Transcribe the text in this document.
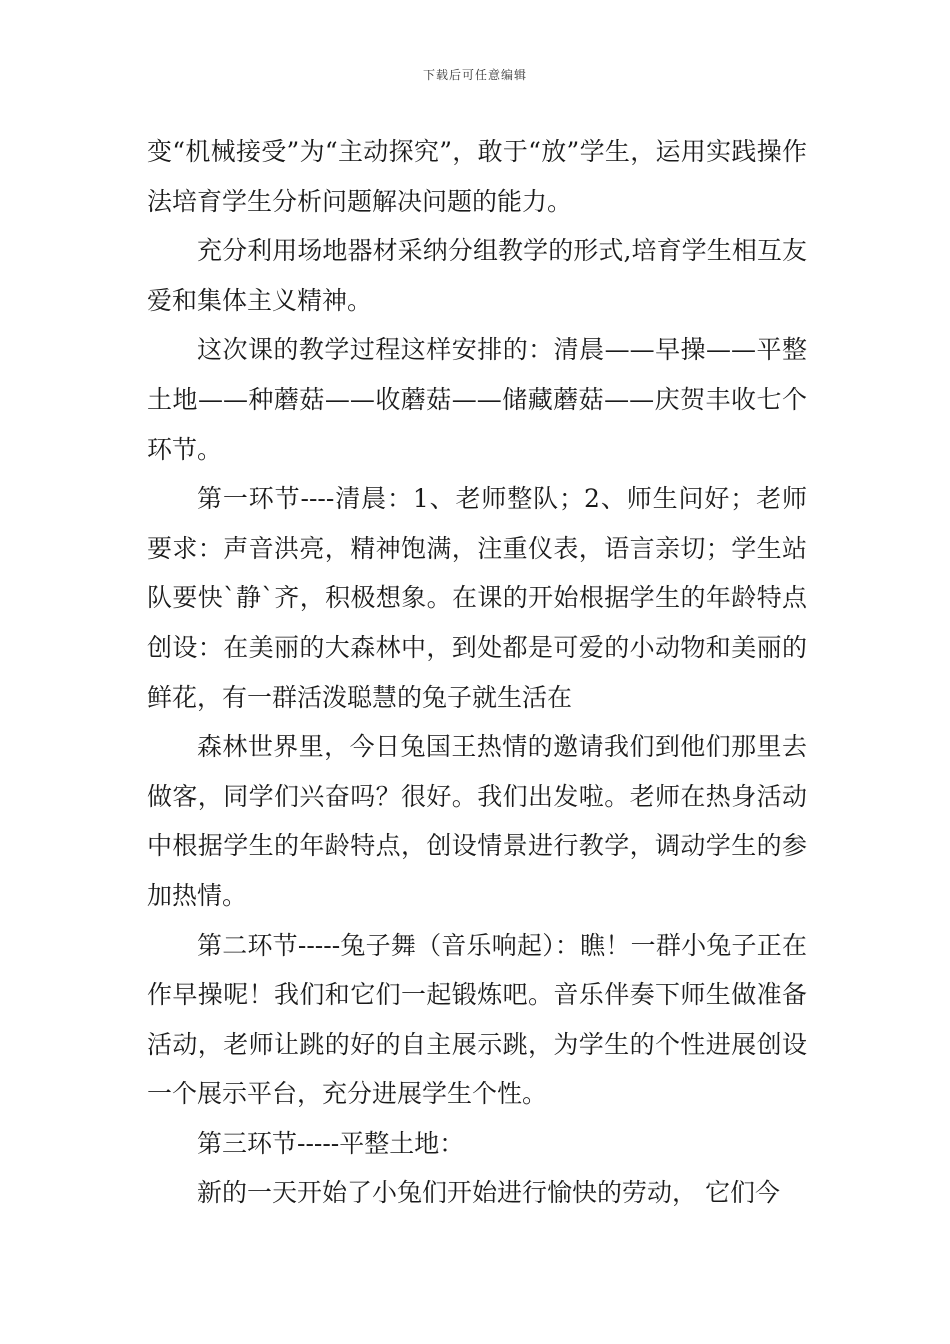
下载后可任意编辑

变“机械接受”为“主动探究”，敢于“放”学生，运用实践操作法培育学生分析问题解决问题的能力。

充分利用场地器材采纳分组教学的形式,培育学生相互友爱和集体主义精神。

这次课的教学过程这样安排的：清晨——早操——平整土地——种蘑菇——收蘑菇——储藏蘑菇——庆贺丰收七个环节。

第一环节----清晨：1、老师整队；2、师生问好；老师要求：声音洪亮，精神饱满，注重仪表，语言亲切；学生站队要快`静`齐，积极想象。在课的开始根据学生的年龄特点创设：在美丽的大森林中，到处都是可爱的小动物和美丽的鲜花，有一群活泼聪慧的兔子就生活在

森林世界里，今日兔国王热情的邀请我们到他们那里去做客，同学们兴奋吗？很好。我们出发啦。老师在热身活动中根据学生的年龄特点，创设情景进行教学，调动学生的参加热情。

第二环节-----兔子舞（音乐响起）：瞧！一群小兔子正在作早操呢！我们和它们一起锻炼吧。音乐伴奏下师生做准备活动，老师让跳的好的自主展示跳，为学生的个性进展创设一个展示平台，充分进展学生个性。

第三环节-----平整土地：

新的一天开始了小兔们开始进行愉快的劳动， 它们今
